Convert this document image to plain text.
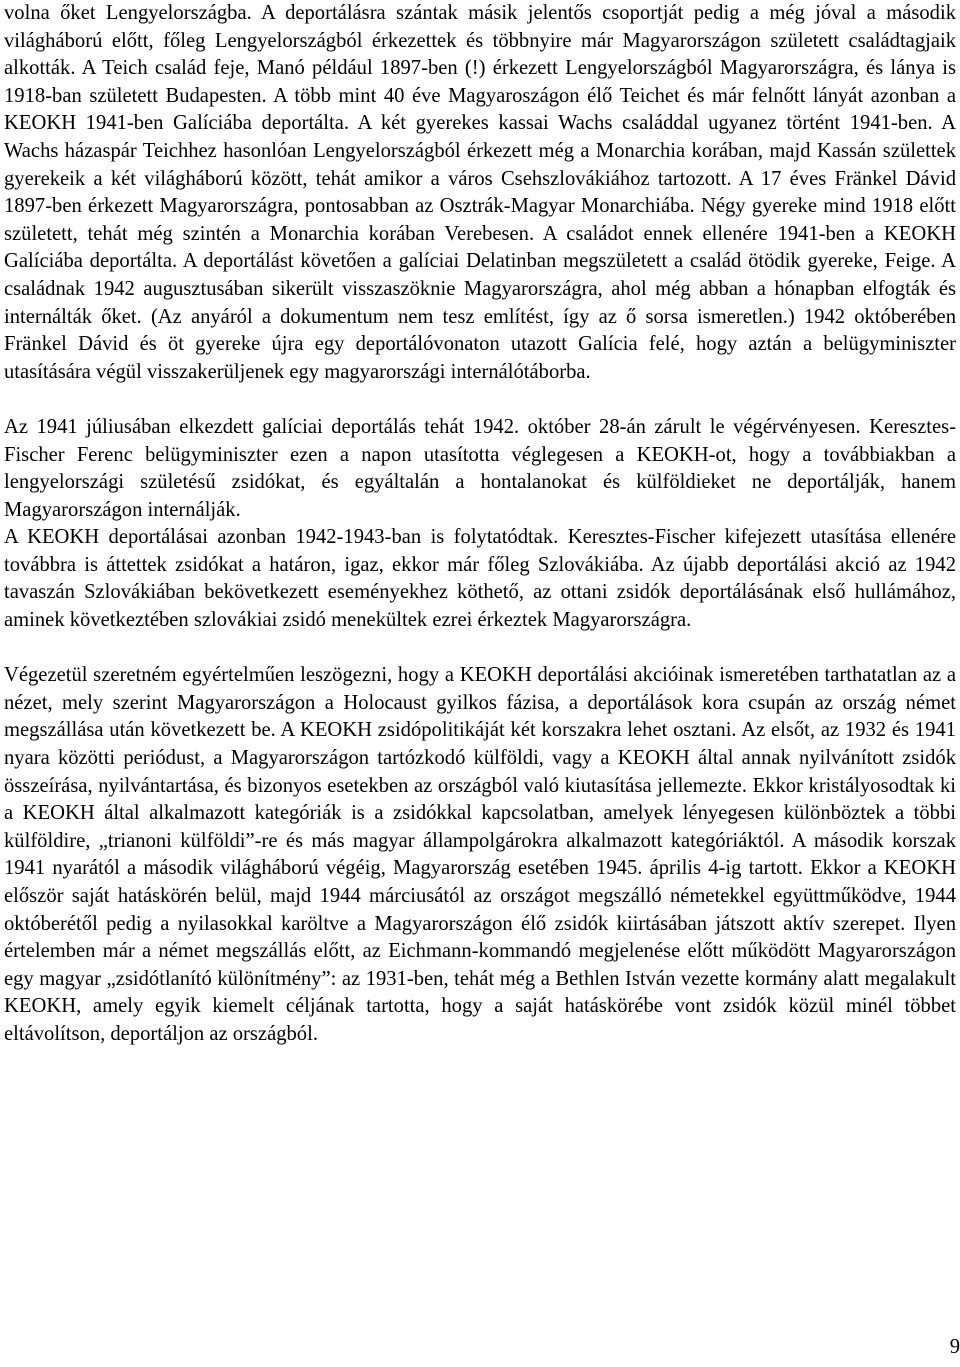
volna őket Lengyelországba. A deportálásra szántak másik jelentős csoportját pedig a még jóval a második világháború előtt, főleg Lengyelországból érkezettek és többnyire már Magyarországon született családtagjaik alkották. A Teich család feje, Manó például 1897-ben (!) érkezett Lengyelországból Magyarországra, és lánya is 1918-ban született Budapesten. A több mint 40 éve Magyaroszágon élő Teichet és már felnőtt lányát azonban a KEOKH 1941-ben Galíciába deportálta. A két gyerekes kassai Wachs családdal ugyanez történt 1941-ben. A Wachs házaspár Teichhez hasonlóan Lengyelországból érkezett még a Monarchia korában, majd Kassán születtek gyerekeik a két világháború között, tehát amikor a város Csehszlovákiához tartozott. A 17 éves Fränkel Dávid 1897-ben érkezett Magyarországra, pontosabban az Osztrák-Magyar Monarchiába. Négy gyereke mind 1918 előtt született, tehát még szintén a Monarchia korában Verebesen. A családot ennek ellenére 1941-ben a KEOKH Galíciába deportálta. A deportálást követően a galíciai Delatinban megszületett a család ötödik gyereke, Feige. A családnak 1942 augusztusában sikerült visszaszöknie Magyarországra, ahol még abban a hónapban elfogták és internálták őket. (Az anyáról a dokumentum nem tesz említést, így az ő sorsa ismeretlen.) 1942 októberében Fränkel Dávid és öt gyereke újra egy deportálóvonaton utazott Galícia felé, hogy aztán a belügyminiszter utasítására végül visszakerüljenek egy magyarországi internálótáborba.

Az 1941 júliusában elkezdett galíciai deportálás tehát 1942. október 28-án zárult le végérvényesen. Keresztes-Fischer Ferenc belügyminiszter ezen a napon utasította véglegesen a KEOKH-ot, hogy a továbbiakban a lengyelországi születésű zsidókat, és egyáltalán a hontalanokat és külföldieket ne deportálják, hanem Magyarországon internálják.

A KEOKH deportálásai azonban 1942-1943-ban is folytatódtak. Keresztes-Fischer kifejezett utasítása ellenére továbbra is áttettek zsidókat a határon, igaz, ekkor már főleg Szlovákiába. Az újabb deportálási akció az 1942 tavaszán Szlovákiában bekövetkezett eseményekhez köthető, az ottani zsidók deportálásának első hullámához, aminek következtében szlovákiai zsidó menekültek ezrei érkeztek Magyarországra.

Végezetül szeretném egyértelműen leszögezni, hogy a KEOKH deportálási akcióinak ismeretében tarthatatlan az a nézet, mely szerint Magyarországon a Holocaust gyilkos fázisa, a deportálások kora csupán az ország német megszállása után következett be. A KEOKH zsidópolitikáját két korszakra lehet osztani. Az elsőt, az 1932 és 1941 nyara közötti periódust, a Magyarországon tartózkodó külföldi, vagy a KEOKH által annak nyilvánított zsidók összeírása, nyilvántartása, és bizonyos esetekben az országból való kiutasítása jellemezte. Ekkor kristályosodtak ki a KEOKH által alkalmazott kategóriák is a zsidókkal kapcsolatban, amelyek lényegesen különböztek a többi külföldire, „trianoni külföldi”-re és más magyar állampolgárokra alkalmazott kategóriáktól. A második korszak 1941 nyarától a második világháború végéig, Magyarország esetében 1945. április 4-ig tartott. Ekkor a KEOKH először saját hatáskörén belül, majd 1944 márciusától az országot megszálló németekkel együttműködve, 1944 októberétől pedig a nyilasokkal karöltve a Magyarországon élő zsidók kiirtásában játszott aktív szerepet. Ilyen értelemben már a német megszállás előtt, az Eichmann-kommandó megjelenése előtt működött Magyarországon egy magyar „zsidótlanító különítmény”: az 1931-ben, tehát még a Bethlen István vezette kormány alatt megalakult KEOKH, amely egyik kiemelt céljának tartotta, hogy a saját hatáskörébe vont zsidók közül minél többet eltávolítson, deportáljon az országból.

9
